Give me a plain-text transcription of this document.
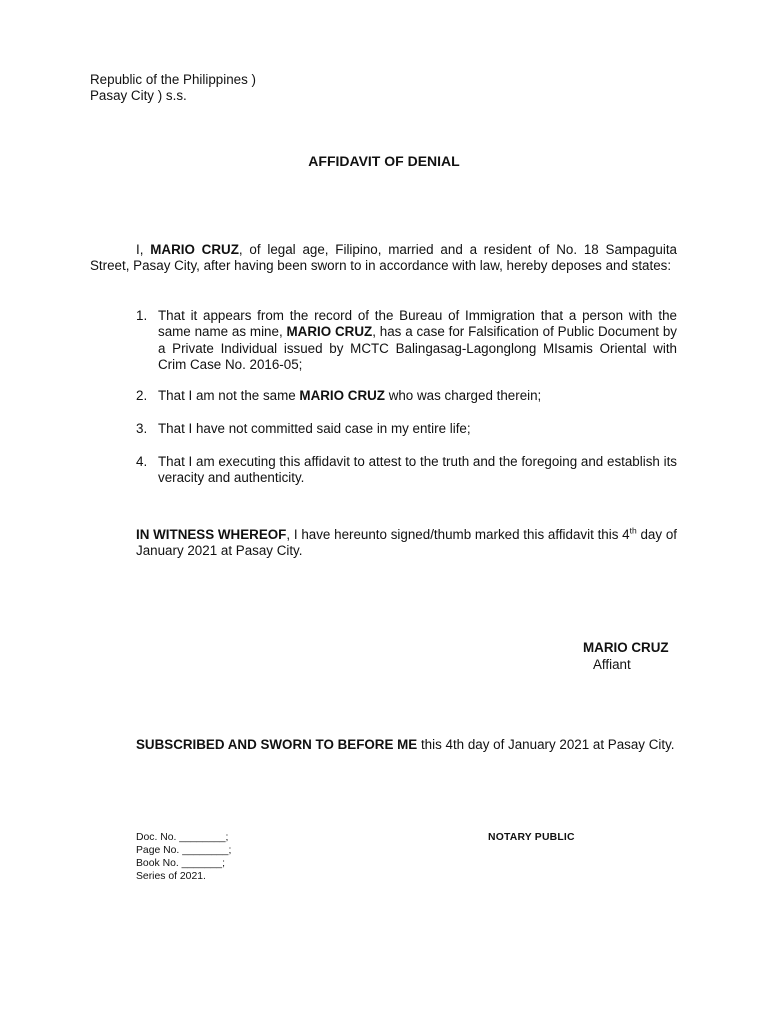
Republic of the Philippines )
Pasay City ) s.s.
AFFIDAVIT OF DENIAL
I, MARIO CRUZ, of legal age, Filipino, married and a resident of No. 18 Sampaguita Street, Pasay City, after having been sworn to in accordance with law, hereby deposes and states:
1. That it appears from the record of the Bureau of Immigration that a person with the same name as mine, MARIO CRUZ, has a case for Falsification of Public Document by a Private Individual issued by MCTC Balingasag-Lagonglong MIsamis Oriental with Crim Case No. 2016-05;
2. That I am not the same MARIO CRUZ who was charged therein;
3. That I have not committed said case in my entire life;
4. That I am executing this affidavit to attest to the truth and the foregoing and establish its veracity and authenticity.
IN WITNESS WHEREOF, I have hereunto signed/thumb marked this affidavit this 4th day of January 2021 at Pasay City.
MARIO CRUZ
Affiant
SUBSCRIBED AND SWORN TO BEFORE ME this 4th day of January 2021 at Pasay City.
Doc. No. ________;
Page No. ________;
Book No. _______;
Series of 2021.
NOTARY PUBLIC
